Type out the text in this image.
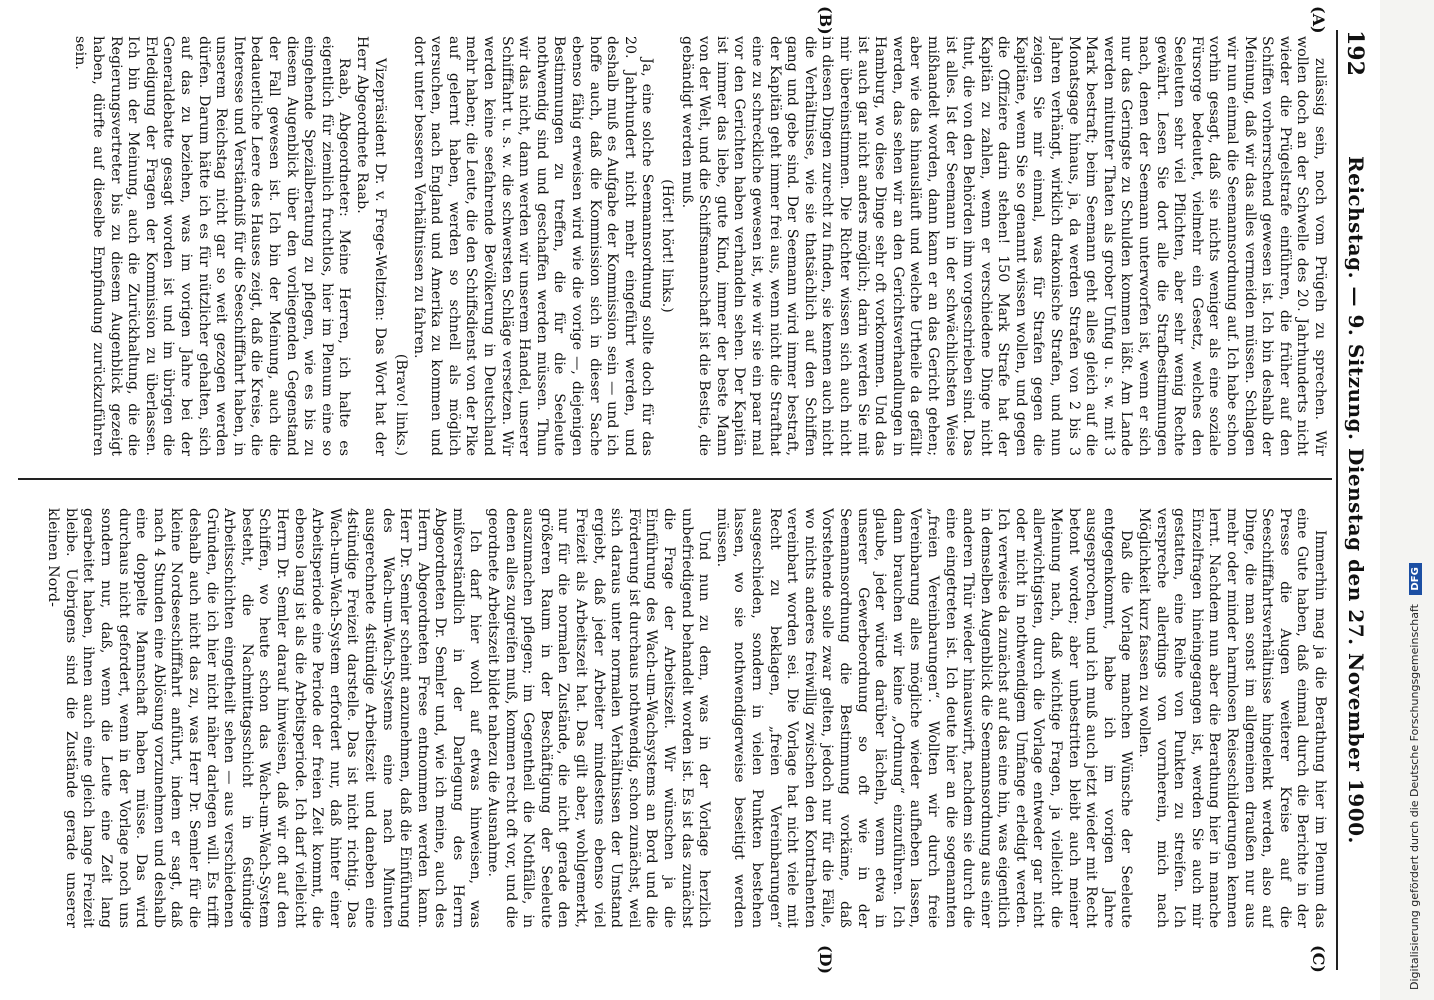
192
Reichstag. — 9. Sitzung. Dienstag den 27. November 1900.
(A)
(B)
(C)
(D)

zulässig sein, noch vom Prügeln zu sprechen. Wir wollen doch an der Schwelle des 20. Jahrhunderts nicht wieder die Prügelstrafe einführen, die früher auf den Schiffen vorherrschend gewesen ist. Ich bin deshalb der Meinung, daß wir das alles vermeiden müssen. Schlagen wir nun einmal die Seemannsordnung auf. Ich habe schon vorhin gesagt, daß sie nichts weniger als eine soziale Fürsorge bedeutet, vielmehr ein Gesetz, welches den Seeleuten sehr viel Pflichten, aber sehr wenig Rechte gewährt. Lesen Sie dort alle die Strafbestimmungen nach, denen der Seemann unterworfen ist, wenn er sich nur das Geringste zu Schulden kommen läßt. Am Lande werden mitunter Thaten als grober Unfug u. s. w. mit 3 Mark bestraft; beim Seemann geht alles gleich auf die Monatsgage hinaus, ja, da werden Strafen von 2 bis 3 Jahren verhängt, wirklich drakonische Strafen, und nun zeigen Sie mir einmal, was für Strafen gegen die Kapitäne, wenn Sie so genannt wissen wollen, und gegen die Offiziere darin stehen! 150 Mark Strafe hat der Kapitän zu zahlen, wenn er verschiedene Dinge nicht thut, die von den Behörden ihm vorgeschrieben sind. Das ist alles. Ist der Seemann in der schwächlichsten Weise mißhandelt worden, dann kann er an das Gericht gehen; aber wie das hinausläuft und welche Urtheile da gefällt werden, das sehen wir an den Gerichtsverhandlungen in Hamburg, wo diese Dinge sehr oft vorkommen. Und das ist auch gar nicht anders möglich; darin werden Sie mit mir übereinstimmen. Die Richter wissen sich auch nicht in diesen Dingen zurecht zu finden, sie kennen auch nicht die Verhältnisse, wie sie thatsächlich auf den Schiffen gang und gebe sind. Der Seemann wird immer bestraft, der Kapitän geht immer frei aus, wenn nicht die Strafthat eine zu schreckliche gewesen ist, wie wir sie ein paar mal vor den Gerichten haben verhandeln sehen. Der Kapitän ist immer das liebe, gute Kind, immer der beste Mann von der Welt, und die Schiffsmannschaft ist die Bestie, die gebändigt werden muß.

(Hört! hört! links.)

Ja, eine solche Seemannsordnung sollte doch für das 20. Jahrhundert nicht mehr eingeführt werden, und deshalb muß es Aufgabe der Kommission sein — und ich hoffe auch, daß die Kommission sich in dieser Sache ebenso fähig erweisen wird wie die vorige —, diejenigen Bestimmungen zu treffen, die für die Seeleute nothwendig sind und geschaffen werden müssen. Thun wir das nicht, dann werden wir unserem Handel, unserer Schifffahrt u. s. w. die schwersten Schläge versetzen. Wir werden keine seefahrende Bevölkerung in Deutschland mehr haben; die Leute, die den Schiffsdienst von der Pike auf gelernt haben, werden so schnell als möglich versuchen, nach England und Amerika zu kommen und dort unter besseren Verhältnissen zu fahren.

(Bravo! links.)

Vizepräsident Dr. v. Frege-Weltzien: Das Wort hat der Herr Abgeordnete Raab.

Raab, Abgeordneter: Meine Herren, ich halte es eigentlich für ziemlich fruchtlos, hier im Plenum eine so eingehende Spezialberatung zu pflegen, wie es bis zu diesem Augenblick über den vorliegenden Gegenstand der Fall gewesen ist. Ich bin der Meinung, auch die bedauerliche Leere des Hauses zeigt, daß die Kreise, die Interesse und Verständniß für die Seeschifffahrt haben, in unserem Reichstag nicht gar so weit gezogen werden dürfen. Darum hätte ich es für nützlicher gehalten, sich auf das zu beziehen, was im vorigen Jahre bei der Generaldebatte gesagt worden ist und im übrigen die Erledigung der Fragen der Kommission zu überlassen. Ich bin der Meinung, auch die Zurückhaltung, die die Regierungsvertreter bis zu diesem Augenblick gezeigt haben, dürfte auf dieselbe Empfindung zurückzuführen sein.

Immerhin mag ja die Berathung hier im Plenum das eine Gute haben, daß einmal durch die Berichte in der Presse die Augen weiterer Kreise auf die Seeschifffahrtsverhältnisse hingelenkt werden, also auf Dinge, die man sonst im allgemeinen draußen nur aus mehr oder minder harmlosen Reiseschilderungen kennen lernt. Nachdem nun aber die Berathung hier in manche Einzelfragen hineingegangen ist, werden Sie auch mir gestatten, eine Reihe von Punkten zu streifen. Ich verspreche allerdings von vornherein, mich nach Möglichkeit kurz fassen zu wollen.

Daß die Vorlage manchen Wünsche der Seeleute entgegenkommt, habe ich im vorigen Jahre ausgesprochen, und ich muß auch jetzt wieder mit Recht betont worden; aber unbestritten bleibt auch meiner Meinung nach, daß wichtige Fragen, ja vielleicht die allerwichtigsten, durch die Vorlage entweder gar nicht oder nicht in nothwendigem Umfange erledigt werden. Ich verweise da zunächst auf das eine hin, was eigentlich in demselben Augenblick die Seemannsordnung aus einer anderen Thür wieder hinauswirft, nachdem sie durch die eine eingetreten ist. Ich deute hier an die sogenannten „freien Vereinbarungen“. Wollten wir durch freie Vereinbarung alles mögliche wieder aufheben lassen, dann brauchen wir keine „Ordnung“ einzuführen. Ich glaube, jeder würde darüber lächeln, wenn etwa in unserer Gewerbeordnung so oft wie in der Seemannsordnung die Bestimmung vorkäme, daß Vorstehende solle zwar gelten, jedoch nur für die Fälle, wo nichts anderes freiwillig zwischen den Kontrahenten vereinbart worden sei. Die Vorlage hat nicht viele mit Recht zu beklagen, „freien Vereinbarungen“ ausgeschieden, sondern in vielen Punkten bestehen lassen, wo sie nothwendigerweise beseitigt werden müssen.

Und nun zu dem, was in der Vorlage herzlich unbefriedigend behandelt worden ist. Es ist das zunächst die Frage der Arbeitszeit. Wir wünschen ja die Einführung des Wach-um-Wachsystems an Bord und die Förderung ist durchaus nothwendig, schon zunächst, weil sich daraus unter normalen Verhältnissen der Umstand ergiebt, daß jeder Arbeiter mindestens ebenso viel Freizeit als Arbeitszeit hat. Das gilt aber, wohlgemerkt, nur für die normalen Zustände, die nicht gerade den größeren Raum in der Beschäftigung der Seeleute auszumachen pflegen; im Gegentheil die Nothfälle, in denen alles zugreifen muß, kommen recht oft vor, und die geordnete Arbeitszeit bildet nahezu die Ausnahme.

Ich darf hier wohl auf etwas hinweisen, was mißverständlich in der Darlegung des Herrn Abgeordneten Dr. Semler und, wie ich meine, auch des Herrn Abgeordneten Frese entnommen werden kann. Herr Dr. Semler scheint anzunehmen, daß die Einführung des Wach-um-Wach-Systems eine nach Minuten ausgerechnete 4stündige Arbeitszeit und daneben eine 4stündige Freizeit darstelle. Das ist nicht richtig. Das Wach-um-Wach-System erfordert nur, daß hinter einer Arbeitsperiode eine Periode der freien Zeit kommt, die ebenso lang ist als die Arbeitsperiode. Ich darf vielleicht Herrn Dr. Semler darauf hinweisen, daß wir oft auf den Schiffen, wo heute schon das Wach-um-Wach-System besteht, die Nachmittagsschicht in 6stündige Arbeitsschichten eingetheilt sehen — aus verschiedenen Gründen, die ich hier nicht näher darlegen will. Es trifft deshalb auch nicht das zu, was Herr Dr. Semler für die kleine Nordseeschifffahrt anführt, indem er sagt, daß nach 4 Stunden eine Ablösung vorzunehmen und deshalb eine doppelte Mannschaft haben müsse. Das wird durchaus nicht gefordert, wenn in der Vorlage noch uns sondern nur, daß, wenn die Leute eine Zeit lang gearbeitet haben, ihnen auch eine gleich lange Freizeit bleibe. Uebrigens sind die Zustände gerade unserer kleinen Nord-

Digitalisierung gefördert durch die Deutsche Forschungsgemeinschaft DFG
